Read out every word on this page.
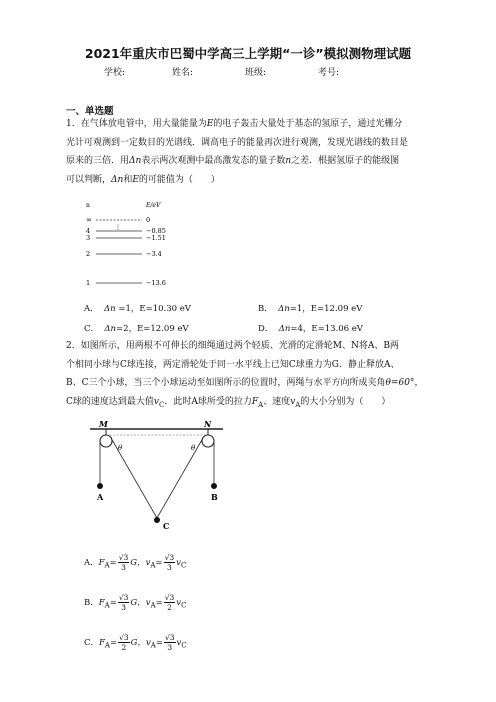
2021年重庆市巴蜀中学高三上学期“一诊”模拟测物理试题
学校:	姓名:	班级:	考号:
一、单选题
1．在气体放电管中，用大量能量为E的电子轰击大量处于基态的氢原子，通过光栅分
光计可观测到一定数目的光谱线．调高电子的能量再次进行观测，发现光谱线的数目是
原来的三倍．用Δn表示两次观测中最高激发态的量子数n之差．根据氢原子的能级图
可以判断，Δn和E的可能值为（　　）
n	E/eV
∞	0
⋮
4	−0.85
3	−1.51
2	−3.4
1	−13.6
A． Δn =1，E=10.30 eV	B． Δn=1，E=12.09 eV
C． Δn=2，E=12.09 eV	D． Δn=4，E=13.06 eV
2．如图所示，用两根不可伸长的细绳通过两个轻质、光滑的定滑轮M、N将A、B两
个相同小球与C球连接，两定滑轮处于同一水平线上已知C球重力为G．静止释放A、
B、C三个小球，当三个小球运动至如图所示的位置时，两绳与水平方向所成夹角θ=60°，
C球的速度达到最大值$v_C$．此时A球所受的拉力$F_A$、速度$v_A$的大小分别为（　　）
M	N
θ	θ
A	B
C
A．$F_A= \frac{√3}{3}$ G，$v_A= \frac{√3}{3} v_C$
B．$F_A= \frac{√3}{3}$ G，$v_A= \frac{√3}{2} v_C$
C．$F_A= \frac{√3}{2}$ G，$v_A= \frac{√3}{3} v_C$
